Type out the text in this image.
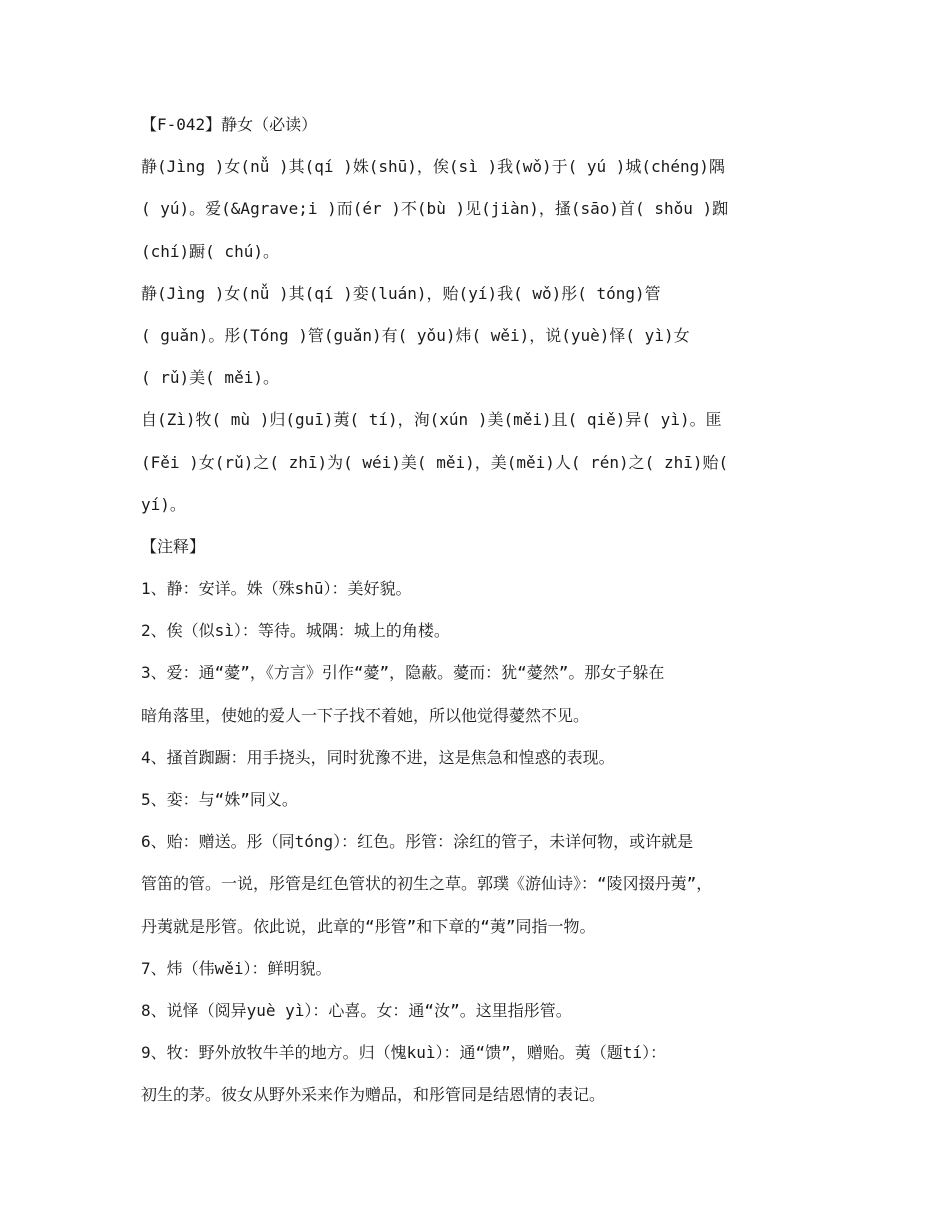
【F-042】静女（必读）
静(Jìng )女(nǚ )其(qí )姝(shū)，俟(sì )我(wǒ)于( yú )城(chéng)隅
( yú)。爱(&Agrave;i )而(ér )不(bù )见(jiàn)，搔(sāo)首( shǒu )踟
(chí)蹰( chú)。
静(Jìng )女(nǚ )其(qí )娈(luán)，贻(yí)我( wǒ)彤( tóng)管
( guǎn)。彤(Tóng )管(guǎn)有( yǒu)炜( wěi)，说(yuè)怿( yì)女
( rǔ)美( měi)。
自(Zì)牧( mù )归(guī)荑( tí)，洵(xún )美(měi)且( qiě)异( yì)。匪
(Fěi )女(rǔ)之( zhī)为( wéi)美( měi)，美(měi)人( rén)之( zhī)贻(
yí)。
【注释】
1、静：安详。姝（殊shū）：美好貌。
2、俟（似sì）：等待。城隅：城上的角楼。
3、爱：通“薆”，《方言》引作“薆”，隐蔽。薆而：犹“薆然”。那女子躲在
暗角落里，使她的爱人一下子找不着她，所以他觉得薆然不见。
4、搔首踟蹰：用手挠头，同时犹豫不进，这是焦急和惶惑的表现。
5、娈：与“姝”同义。
6、贻：赠送。彤（同tóng）：红色。彤管：涂红的管子，未详何物，或许就是
管笛的管。一说，彤管是红色管状的初生之草。郭璞《游仙诗》：“陵冈掇丹荑”，
丹荑就是彤管。依此说，此章的“彤管”和下章的“荑”同指一物。
7、炜（伟wěi）：鲜明貌。
8、说怿（阅异yuè yì）：心喜。女：通“汝”。这里指彤管。
9、牧：野外放牧牛羊的地方。归（愧kuì）：通“馈”，赠贻。荑（题tí）：
初生的茅。彼女从野外采来作为赠品，和彤管同是结恩情的表记。
